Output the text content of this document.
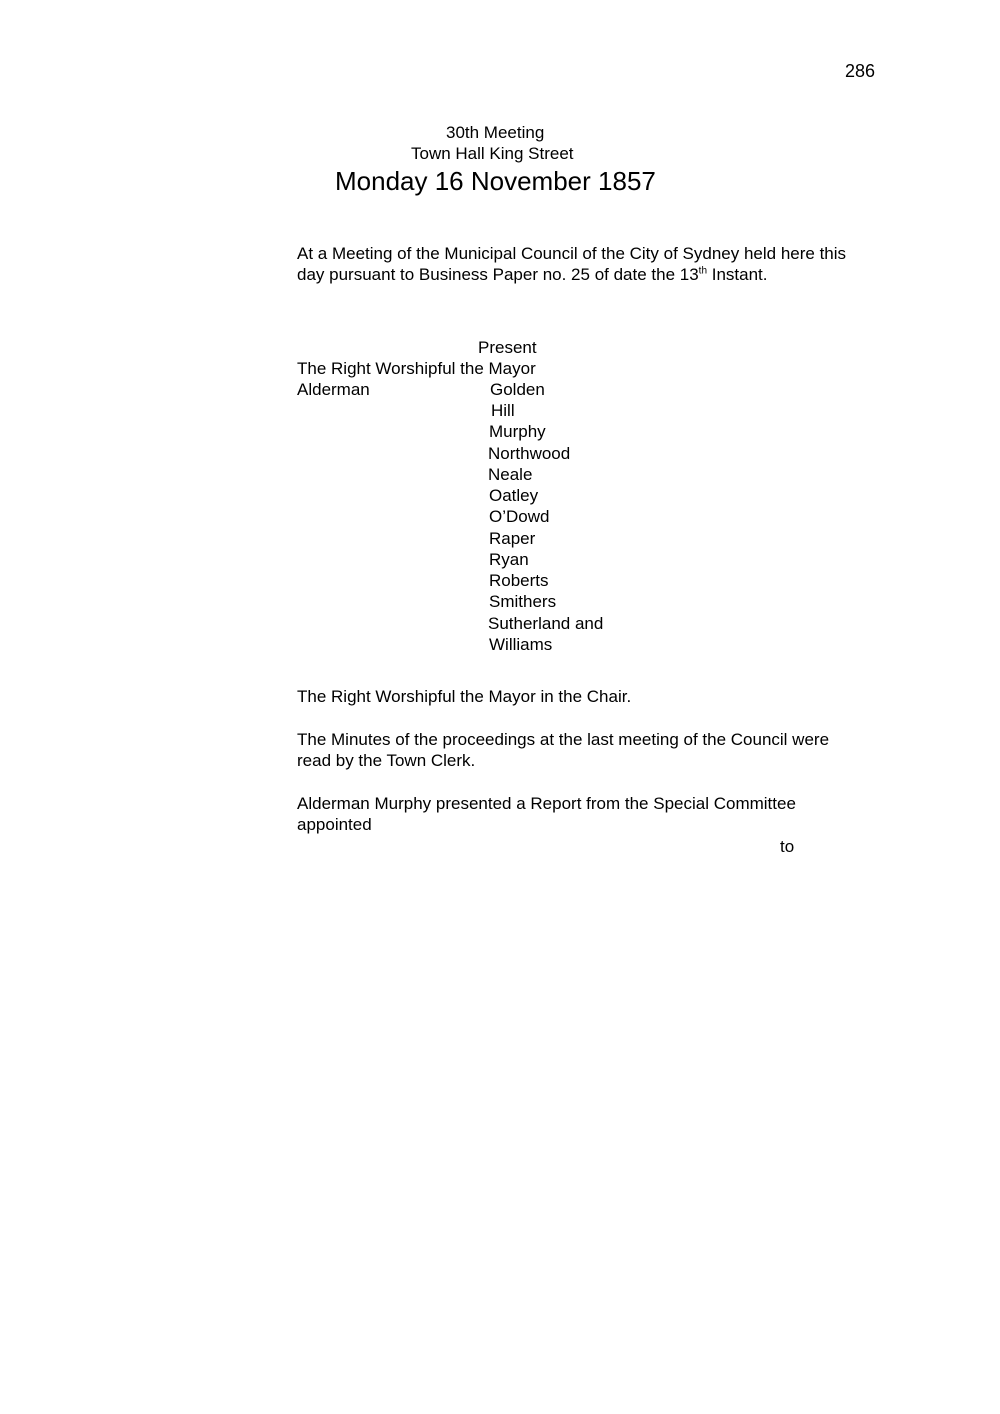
286
30th Meeting
Town Hall King Street
Monday 16 November 1857
At a Meeting of the Municipal Council of the City of Sydney held here this
day pursuant to Business Paper no. 25 of date the 13th Instant.
Present
The Right Worshipful the Mayor
Alderman	Golden
Hill
Murphy
Northwood
Neale
Oatley
O’Dowd
Raper
Ryan
Roberts
Smithers
Sutherland and
Williams
The Right Worshipful the Mayor in the Chair.
The Minutes of the proceedings at the last meeting of the Council were
read by the Town Clerk.
Alderman Murphy presented a Report from the Special Committee
appointed
to
